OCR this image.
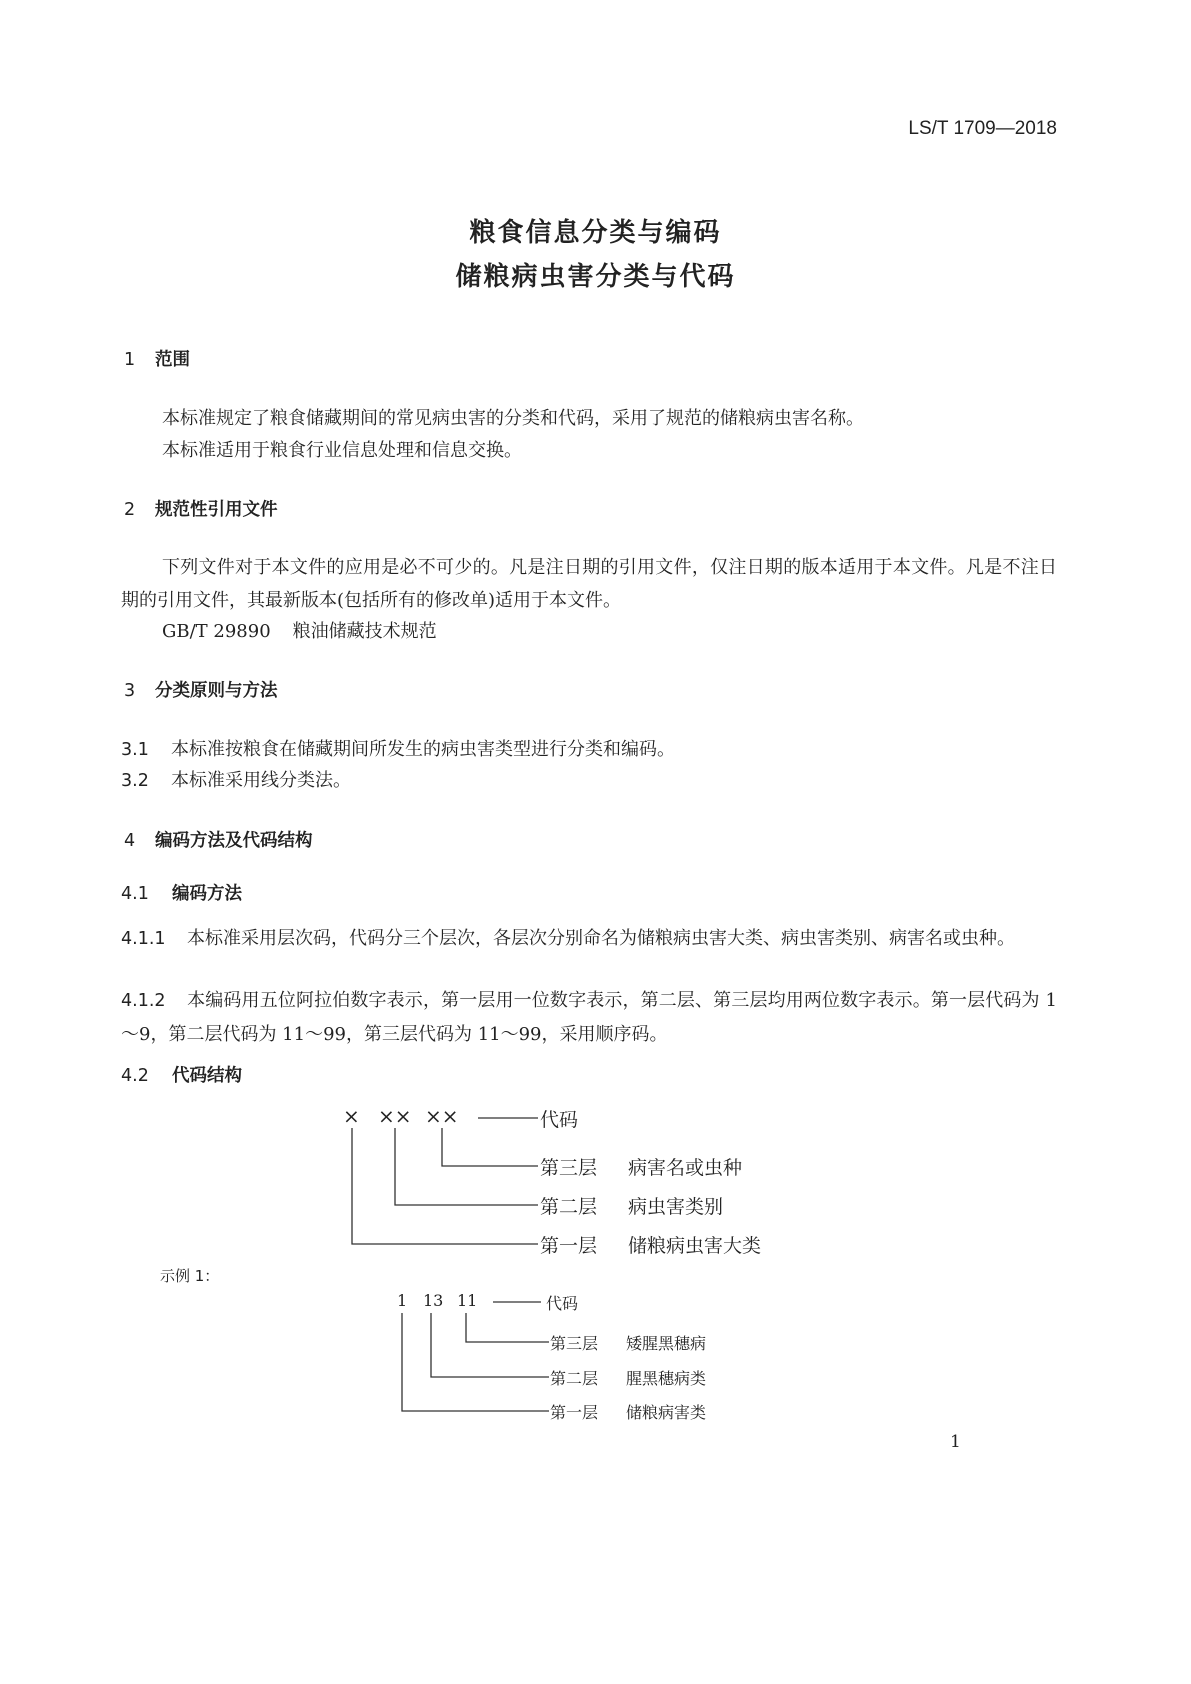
LS/T 1709—2018
粮食信息分类与编码
储粮病虫害分类与代码
1 范围
本标准规定了粮食储藏期间的常见病虫害的分类和代码，采用了规范的储粮病虫害名称。
本标准适用于粮食行业信息处理和信息交换。
2 规范性引用文件
下列文件对于本文件的应用是必不可少的。凡是注日期的引用文件，仅注日期的版本适用于本文件。凡是不注日期的引用文件，其最新版本(包括所有的修改单)适用于本文件。
GB/T 29890 粮油储藏技术规范
3 分类原则与方法
3.1 本标准按粮食在储藏期间所发生的病虫害类型进行分类和编码。
3.2 本标准采用线分类法。
4 编码方法及代码结构
4.1 编码方法
4.1.1 本标准采用层次码，代码分三个层次，各层次分别命名为储粮病虫害大类、病虫害类别、病害名或虫种。
4.1.2 本编码用五位阿拉伯数字表示，第一层用一位数字表示，第二层、第三层均用两位数字表示。第一层代码为 1～9，第二层代码为 11～99，第三层代码为 11～99，采用顺序码。
4.2 代码结构
× ×× ××	代码
第三层 病害名或虫种
第二层 病虫害类别
第一层 储粮病虫害大类
示例 1：
1 13 11	代码
第三层 矮腥黑穗病
第二层 腥黑穗病类
第一层 储粮病害类
1
